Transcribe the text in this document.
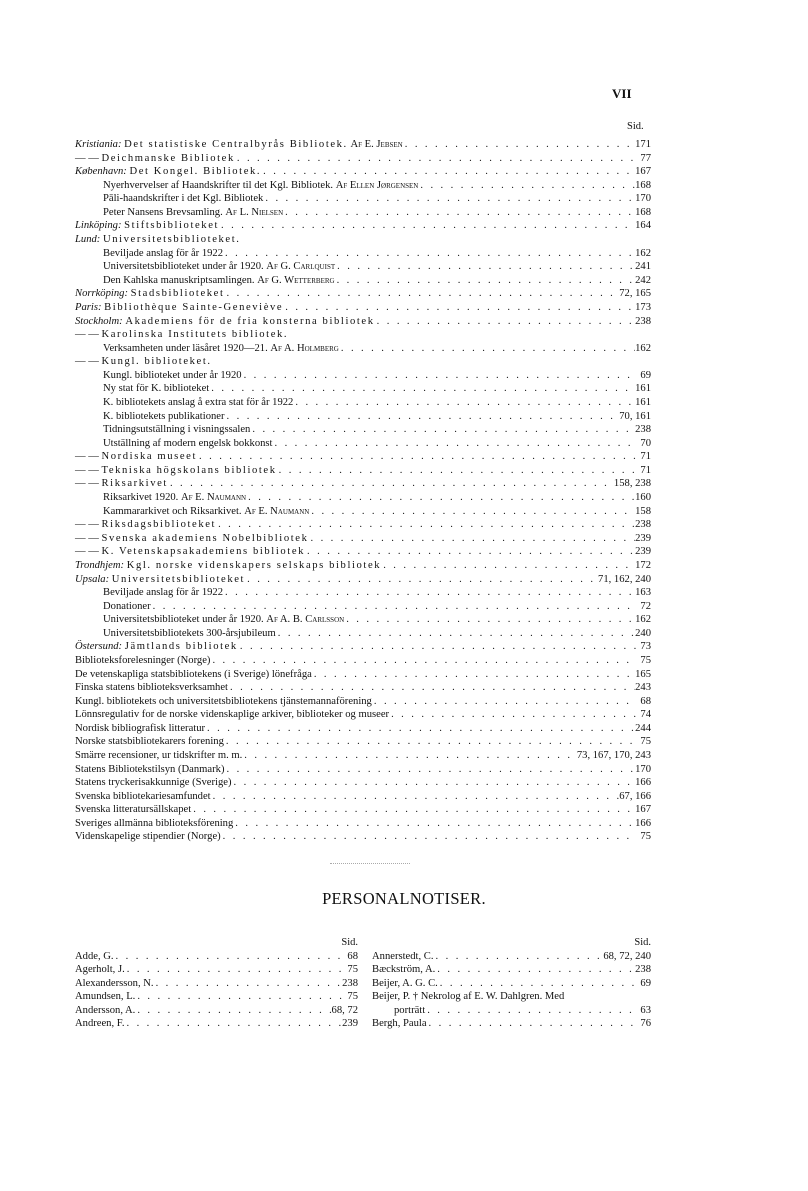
VII
Sid.
Kristiania: Det statistiske Centralbyrås Bibliotek. Af E. Jebsen . . .	171
— — Deichmanske Bibliotek . . .	77
København: Det Kongel. Bibliotek. . . .	167
Nyerhvervelser af Haandskrifter til det Kgl. Bibliotek. Af Ellen Jørgensen . . .	168
Pāli-haandskrifter i det Kgl. Bibliotek . . .	170
Peter Nansens Brevsamling. Af L. Nielsen . . .	168
Linköping: Stiftsbiblioteket . . .	164
Lund: Universitetsbiblioteket.
Beviljade anslag för år 1922 . . .	162
Universitetsbiblioteket under år 1920. Af G. Carlquist . . .	241
Den Kahlska manuskriptsamlingen. Af G. Wetterberg . . .	242
Norrköping: Stadsbiblioteket . . .	72, 165
Paris: Bibliothèque Sainte-Geneviève . . .	173
Stockholm: Akademiens för de fria konsterna bibliotek . . .	238
— — Karolinska Institutets bibliotek.
Verksamheten under läsåret 1920—21. Af A. Holmberg . . .	162
— — Kungl. biblioteket.
Kungl. biblioteket under år 1920 . . .	69
Ny stat för K. biblioteket . . .	161
K. bibliotekets anslag å extra stat för år 1922 . . .	161
K. bibliotekets publikationer . . .	70, 161
Tidningsutställning i visningssalen . . .	238
Utställning af modern engelsk bokkonst . . .	70
— — Nordiska museet . . .	71
— — Tekniska högskolans bibliotek . . .	71
— — Riksarkivet . . .	158, 238
Riksarkivet 1920. Af E. Naumann . . .	160
Kammararkivet och Riksarkivet. Af E. Naumann . . .	158
— — Riksdagsbiblioteket . . .	238
— — Svenska akademiens Nobelbibliotek . . .	239
— — K. Vetenskapsakademiens bibliotek . . .	239
Trondhjem: Kgl. norske videnskapers selskaps bibliotek . . .	172
Upsala: Universitetsbiblioteket . . .	71, 162, 240
Beviljade anslag för år 1922 . . .	163
Donationer . . .	72
Universitetsbiblioteket under år 1920. Af A. B. Carlsson . . .	162
Universitetsbibliotekets 300-årsjubileum . . .	240
Östersund: Jämtlands bibliotek . . .	73
Biblioteksforelesninger (Norge) . . .	75
De vetenskapliga statsbibliotekens (i Sverige) lönefråga . . .	165
Finska statens biblioteksverksamhet . . .	243
Kungl. bibliotekets och universitetsbibliotekens tjänstemannaförening . . .	68
Lönnsregulativ for de norske videnskaplige arkiver, biblioteker og museer . . .	74
Nordisk bibliografisk litteratur . . .	244
Norske statsbibliotekarers forening . . .	75
Smärre recensioner, ur tidskrifter m. m. . . .	73, 167, 170, 243
Statens Bibliotekstilsyn (Danmark) . . .	170
Statens tryckerisakkunnige (Sverige) . . .	166
Svenska bibliotekariesamfundet . . .	67, 166
Svenska litteratursällskapet . . .	167
Sveriges allmänna biblioteksförening . . .	166
Videnskapelige stipendier (Norge) . . .	75
PERSONALNOTISER.
Sid.
Adde, G. . . .	68
Agerholt, J. . . .	75
Alexandersson, N. . . .	238
Amundsen, L. . . .	75
Andersson, A. . . .	68, 72
Andreen, F. . . .	239
Sid.
Annerstedt, C. . . .	68, 72, 240
Bæckström, A. . . .	238
Beijer, A. G. C. . . .	69
Beijer, P. † Nekrolog af E. W. Dahlgren. Med
porträtt . . .	63
Bergh, Paula . . .	76
